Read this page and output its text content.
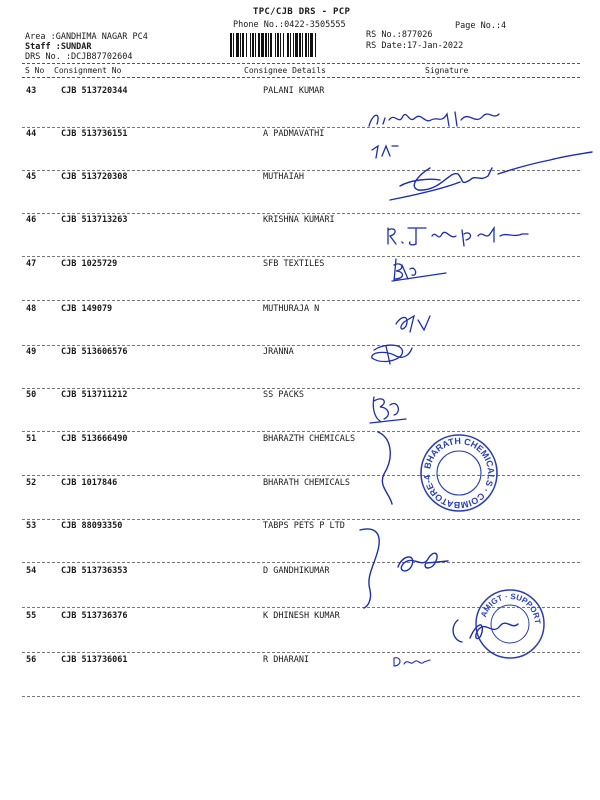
TPC/CJB DRS - PCP
Phone No.:0422-3505555	Page No.:4
RS No.:877026
RS Date:17-Jan-2022
Area :GANDHIMA NAGAR PC4
Staff :SUNDAR
DRS No. :DCJB87702604
S No Consignment No	Consignee Details	Signature
43	CJB 513720344	PALANI KUMAR
44	CJB 513736151	A PADMAVATHI
45	CJB 513720308	MUTHAIAH
46	CJB 513713263	KRISHNA KUMARI
47	CJB 1025729	SFB TEXTILES
48	CJB 149079	MUTHURAJA N
49	CJB 513606576	JRANNA
50	CJB 513711212	SS PACKS
51	CJB 513666490	BHARAZTH CHEMICALS
52	CJB 1017846	BHARATH CHEMICALS
53	CJB 88093350	TABPS PETS P LTD
54	CJB 513736353	D GANDHIKUMAR
55	CJB 513736376	K DHINESH KUMAR
56	CJB 513736061	R DHARANI
BHARATH CHEMICALS · COIMBATORE-4
AMIGT · SUPPORT
